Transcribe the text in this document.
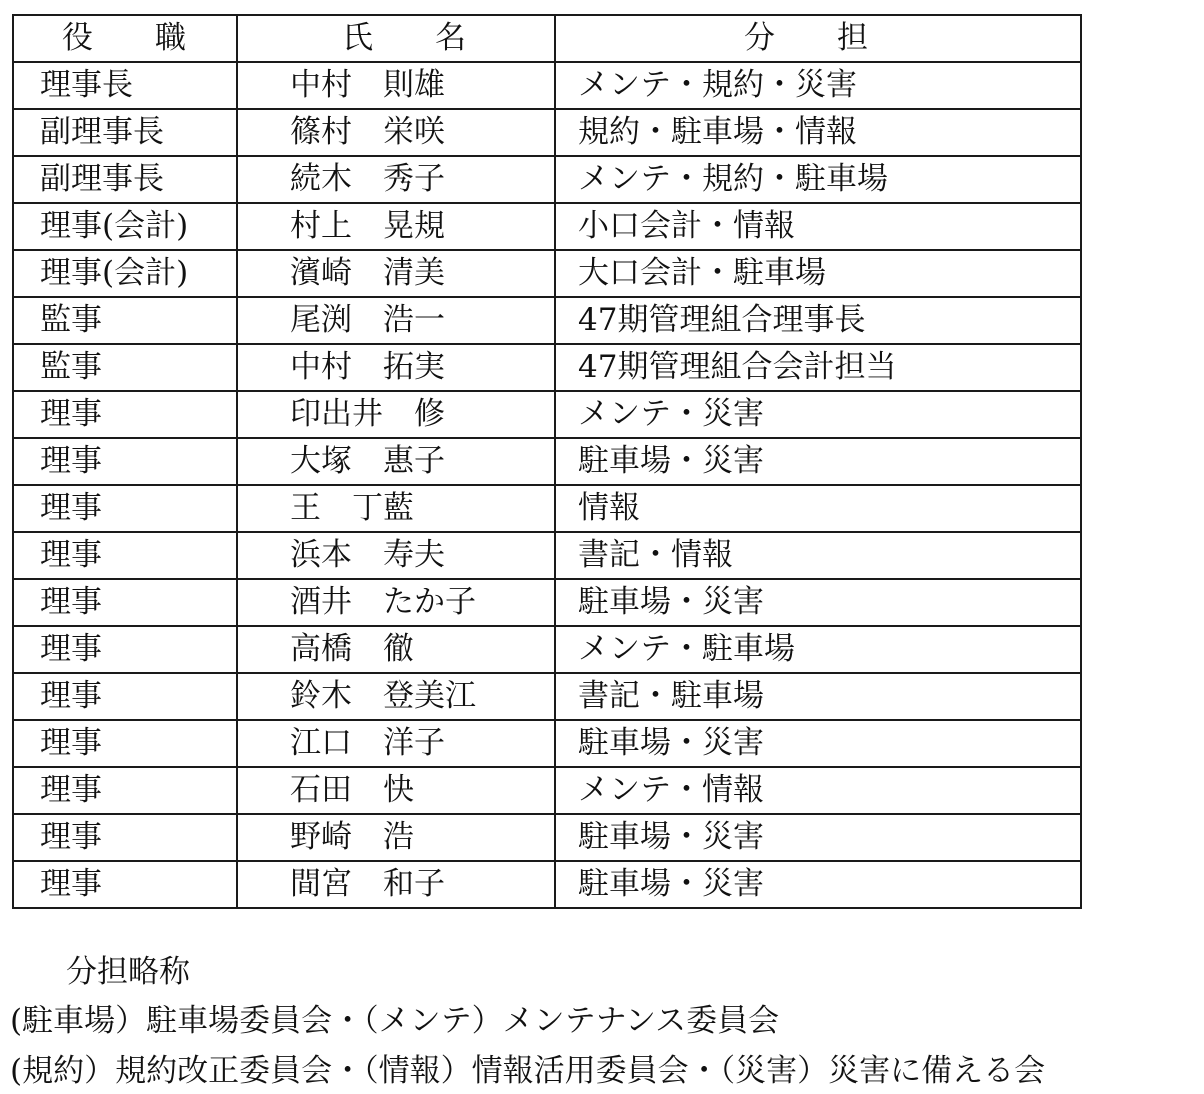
役　　職	氏　　名	分　　担
理事長	中村　則雄	メンテ・規約・災害
副理事長	篠村　栄咲	規約・駐車場・情報
副理事長	続木　秀子	メンテ・規約・駐車場
理事(会計)	村上　晃規	小口会計・情報
理事(会計)	濱崎　清美	大口会計・駐車場
監事	尾渕　浩一	47期管理組合理事長
監事	中村　拓実	47期管理組合会計担当
理事	印出井　修	メンテ・災害
理事	大塚　惠子	駐車場・災害
理事	王　丁藍	情報
理事	浜本　寿夫	書記・情報
理事	酒井　たか子	駐車場・災害
理事	高橋　徹	メンテ・駐車場
理事	鈴木　登美江	書記・駐車場
理事	江口　洋子	駐車場・災害
理事	石田　快	メンテ・情報
理事	野崎　浩	駐車場・災害
理事	間宮　和子	駐車場・災害
分担略称
(駐車場）駐車場委員会・（メンテ）メンテナンス委員会
(規約）規約改正委員会・（情報）情報活用委員会・（災害）災害に備える会
